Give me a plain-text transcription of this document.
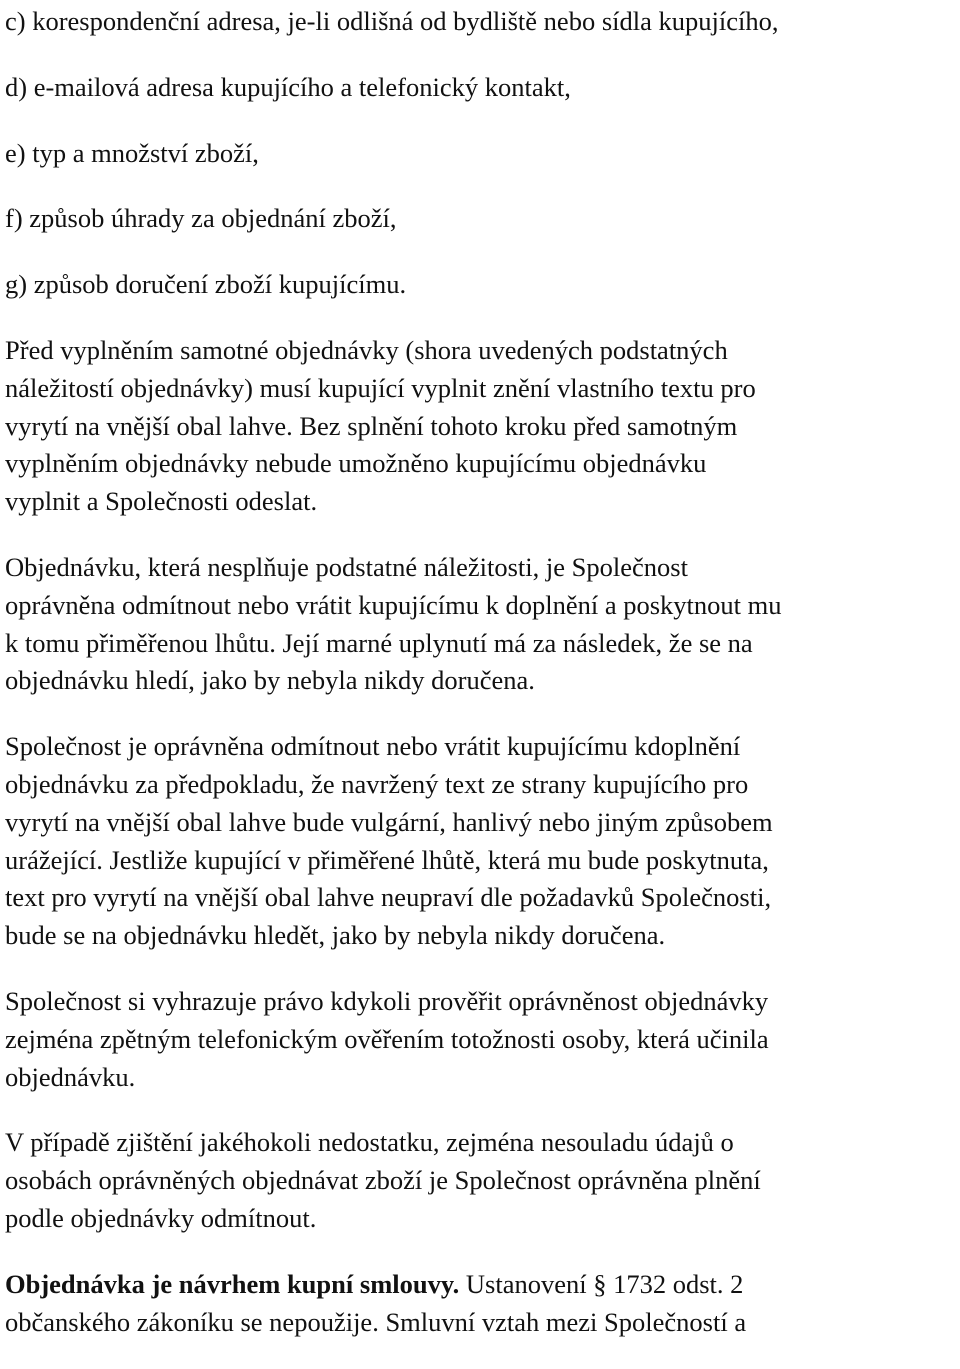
c) korespondenční adresa, je-li odlišná od bydliště nebo sídla kupujícího,

d) e-mailová adresa kupujícího a telefonický kontakt,

e) typ a množství zboží,

f) způsob úhrady za objednání zboží,

g) způsob doručení zboží kupujícímu.

Před vyplněním samotné objednávky (shora uvedených podstatných

náležitostí objednávky) musí kupující vyplnit znění vlastního textu pro

vyrytí na vnější obal lahve. Bez splnění tohoto kroku před samotným

vyplněním objednávky nebude umožněno kupujícímu objednávku

vyplnit a Společnosti odeslat.

Objednávku, která nesplňuje podstatné náležitosti, je Společnost

oprávněna odmítnout nebo vrátit kupujícímu k doplnění a poskytnout mu

k tomu přiměřenou lhůtu. Její marné uplynutí má za následek, že se na

objednávku hledí, jako by nebyla nikdy doručena.

Společnost je oprávněna odmítnout nebo vrátit kupujícímu kdoplnění

objednávku za předpokladu, že navržený text ze strany kupujícího pro

vyrytí na vnější obal lahve bude vulgární, hanlivý nebo jiným způsobem

urážející. Jestliže kupující v přiměřené lhůtě, která mu bude poskytnuta,

text pro vyrytí na vnější obal lahve neupraví dle požadavků Společnosti,

bude se na objednávku hledět, jako by nebyla nikdy doručena.

Společnost si vyhrazuje právo kdykoli prověřit oprávněnost objednávky

zejména zpětným telefonickým ověřením totožnosti osoby, která učinila

objednávku.

V případě zjištění jakéhokoli nedostatku, zejména nesouladu údajů o

osobách oprávněných objednávat zboží je Společnost oprávněna plnění

podle objednávky odmítnout.

Objednávka je návrhem kupní smlouvy. Ustanovení § 1732 odst. 2

občanského zákoníku se nepoužije. Smluvní vztah mezi Společností a
